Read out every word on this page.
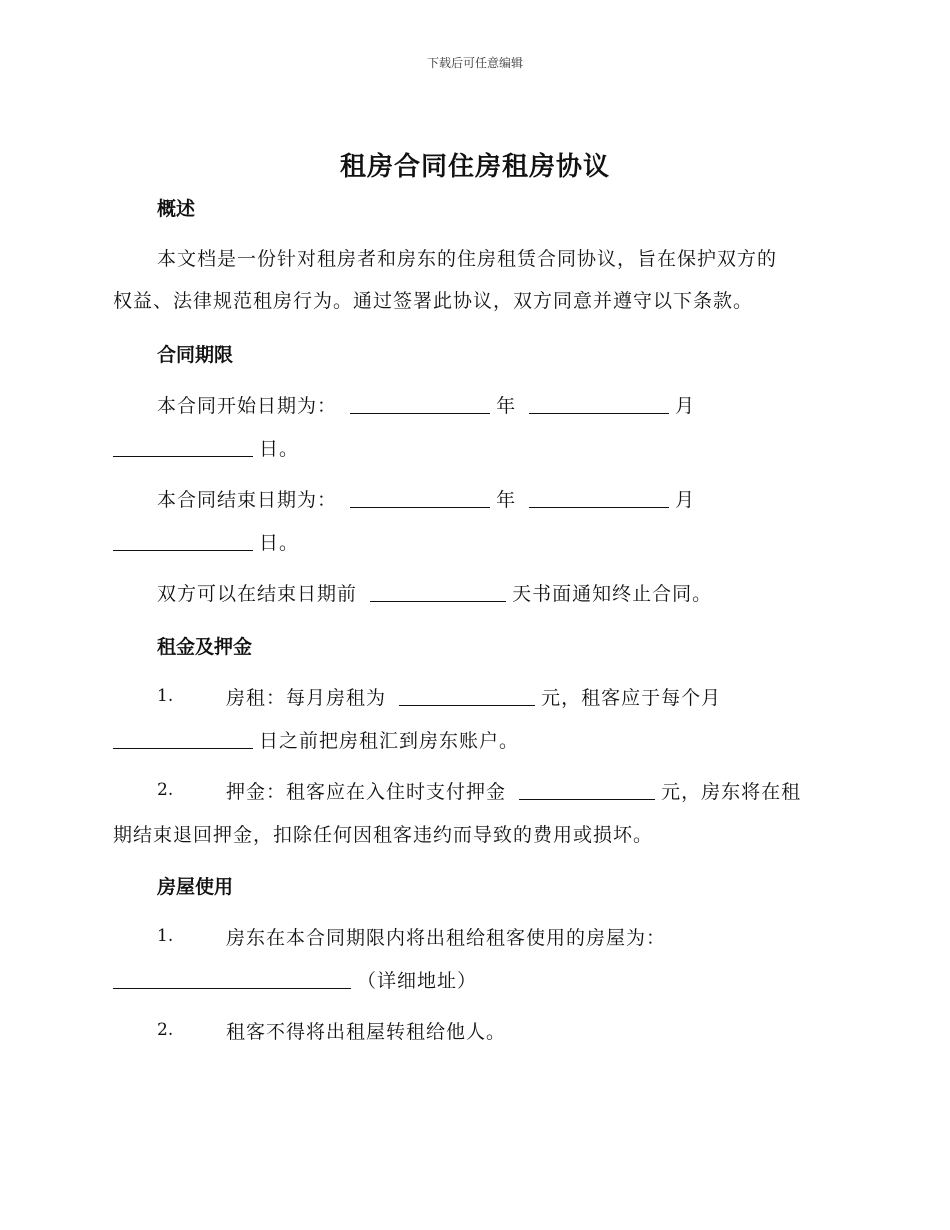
下载后可任意编辑
租房合同住房租房协议
概述
本文档是一份针对租房者和房东的住房租赁合同协议，旨在保护双方的
权益、法律规范租房行为。通过签署此协议，双方同意并遵守以下条款。
合同期限
本合同开始日期为：	年	月
日。
本合同结束日期为：	年	月
日。
双方可以在结束日期前	天书面通知终止合同。
租金及押金
1.	房租：每月房租为	元，租客应于每个月
日之前把房租汇到房东账户。
2.	押金：租客应在入住时支付押金	元，房东将在租
期结束退回押金，扣除任何因租客违约而导致的费用或损坏。
房屋使用
1.	房东在本合同期限内将出租给租客使用的房屋为：
（详细地址）
2.	租客不得将出租屋转租给他人。
